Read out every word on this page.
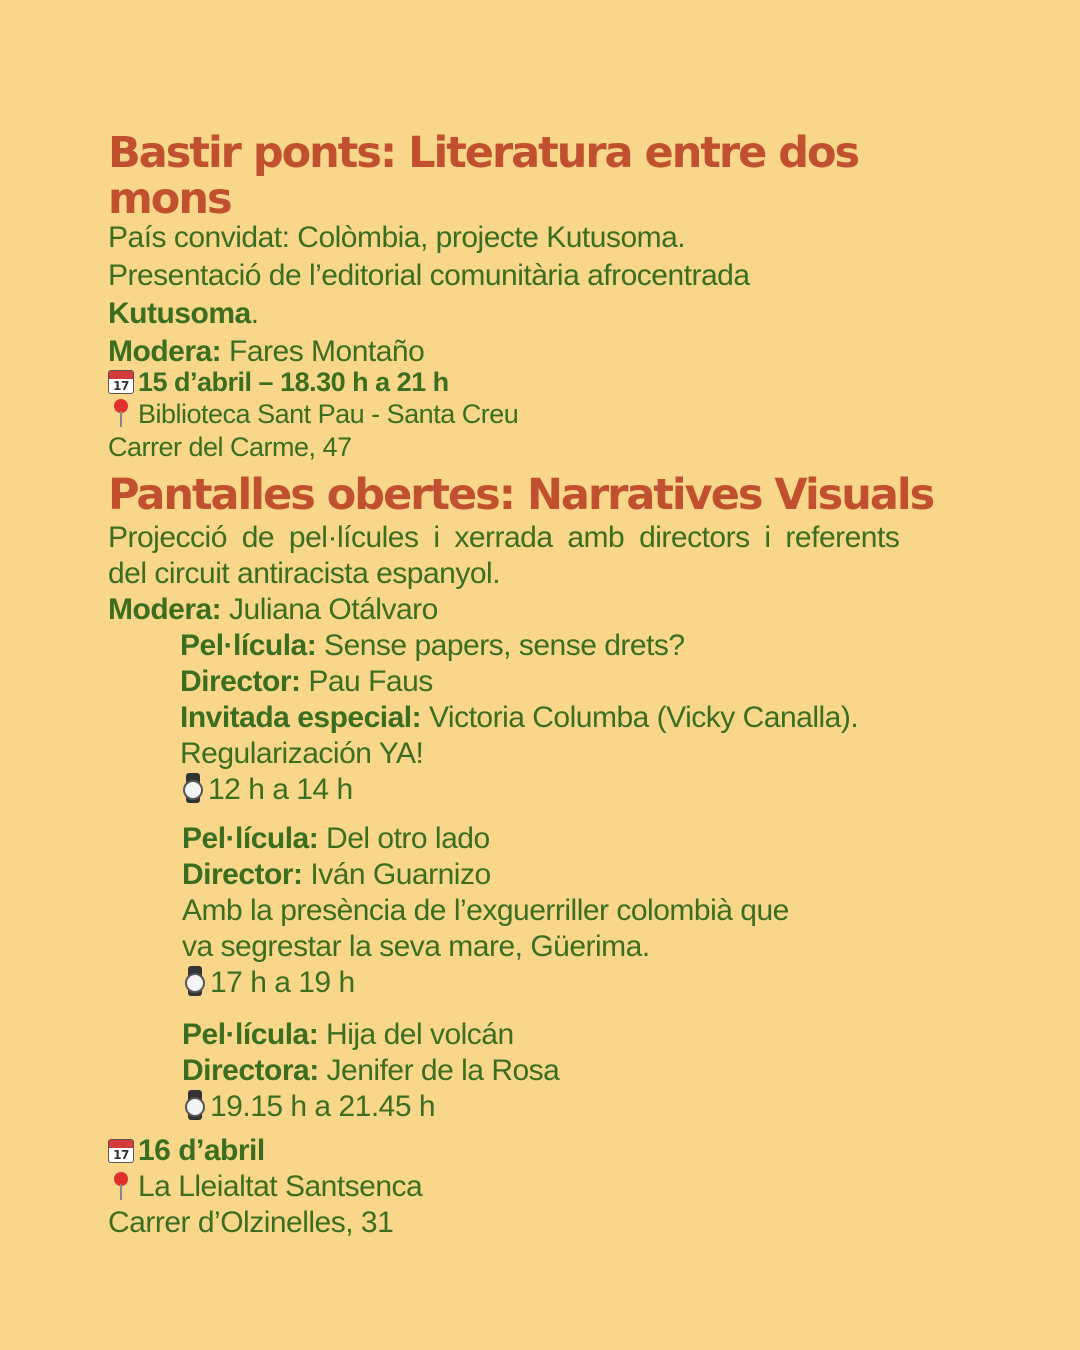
Bastir ponts: Literatura entre dos
mons
País convidat: Colòmbia, projecte Kutusoma.
Presentació de l’editorial comunitària afrocentrada
Kutusoma.
Modera: Fares Montaño
1715 d’abril – 18.30 h a 21 h
Biblioteca Sant Pau - Santa Creu
Carrer del Carme, 47
Pantalles obertes: Narratives Visuals
Projecció de pel·lícules i xerrada amb directors i referents
del circuit antiracista espanyol.
Modera: Juliana Otálvaro
Pel·lícula: Sense papers, sense drets?
Director: Pau Faus
Invitada especial: Victoria Columba (Vicky Canalla).
Regularización YA!
12 h a 14 h
Pel·lícula: Del otro lado
Director: Iván Guarnizo
Amb la presència de l’exguerriller colombià que
va segrestar la seva mare, Güerima.
17 h a 19 h
Pel·lícula: Hija del volcán
Directora: Jenifer de la Rosa
19.15 h a 21.45 h
1716 d’abril
La Lleialtat Santsenca
Carrer d’Olzinelles, 31
